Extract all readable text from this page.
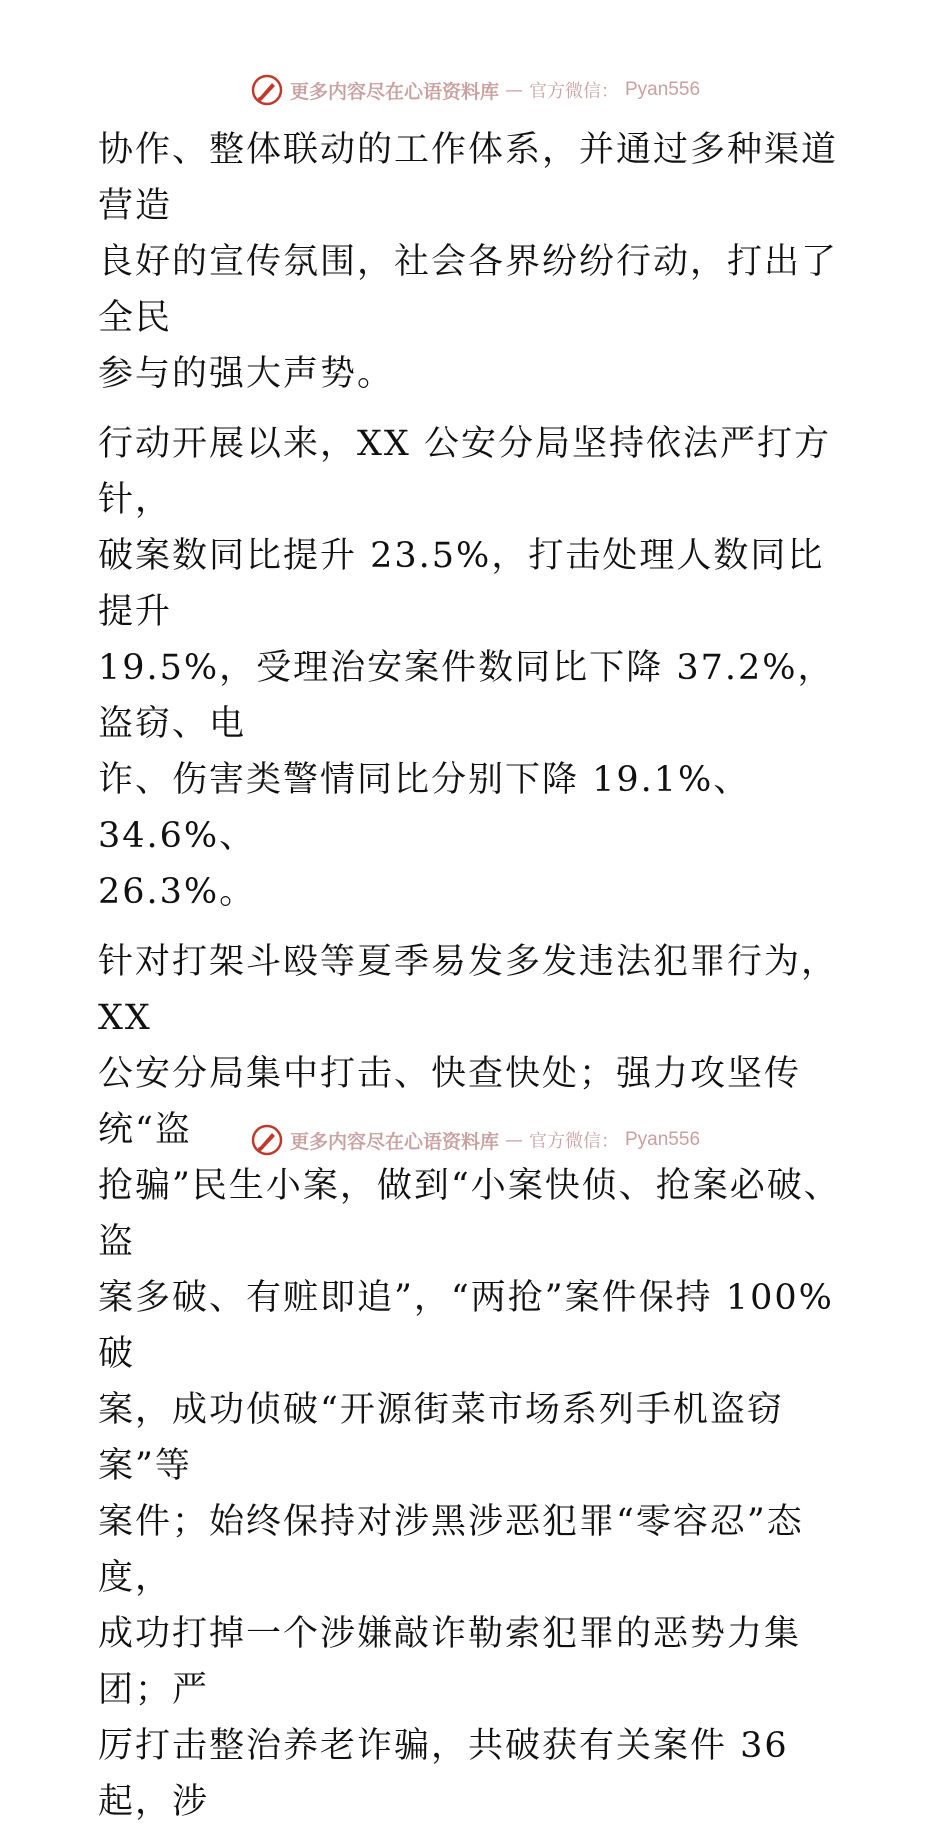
更多内容尽在心语资料库 — 官方微信： Pyan556

协作、整体联动的工作体系，并通过多种渠道营造
良好的宣传氛围，社会各界纷纷行动，打出了全民
参与的强大声势。

行动开展以来，XX 公安分局坚持依法严打方针，
破案数同比提升 23.5%，打击处理人数同比提升
19.5%，受理治安案件数同比下降 37.2%，盗窃、电
诈、伤害类警情同比分别下降 19.1%、34.6%、
26.3%。

针对打架斗殴等夏季易发多发违法犯罪行为，XX
公安分局集中打击、快查快处；强力攻坚传统“盗
抢骗”民生小案，做到“小案快侦、抢案必破、盗
案多破、有赃即追”，“两抢”案件保持 100%破
案，成功侦破“开源街菜市场系列手机盗窃案”等
案件；始终保持对涉黑涉恶犯罪“零容忍”态度，
成功打掉一个涉嫌敲诈勒索犯罪的恶势力集团；严
厉打击整治养老诈骗，共破获有关案件 36 起，涉

更多内容尽在心语资料库 — 官方微信： Pyan556
